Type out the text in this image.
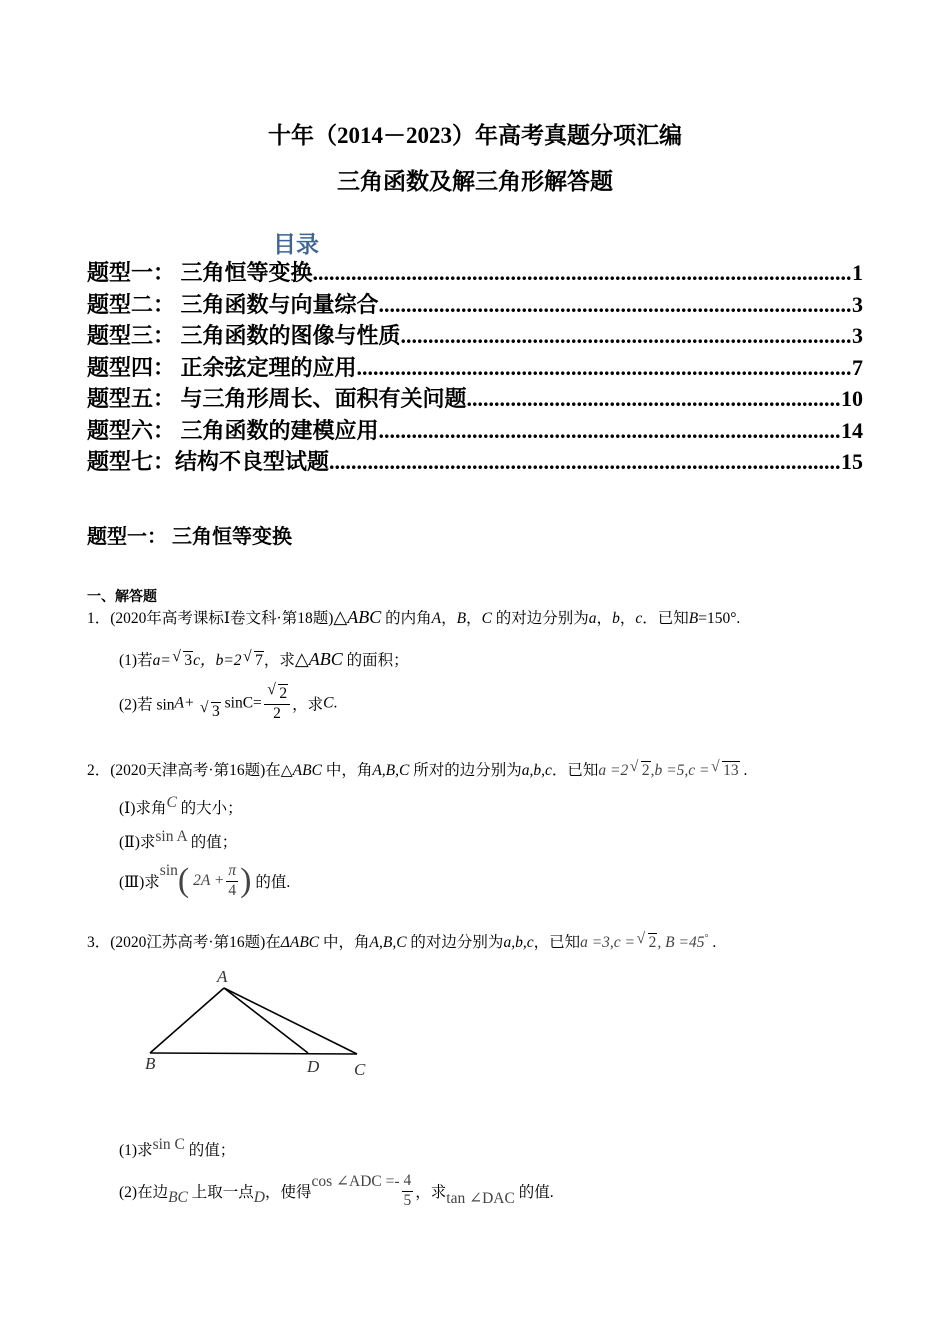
十年（2014－2023）年高考真题分项汇编
三角函数及解三角形解答题
目录
题型一： 三角恒等变换 .....	1
题型二： 三角函数与向量综合 .....	3
题型三： 三角函数的图像与性质 .....	3
题型四： 正余弦定理的应用 .....	7
题型五： 与三角形周长、面积有关问题 .....	10
题型六： 三角函数的建模应用 .....	14
题型七：结构不良型试题 .....	15
题型一： 三角恒等变换
一、解答题
1．(2020年高考课标Ⅰ卷文科·第18题)△ABC 的内角A，B，C 的对边分别为a，b，c．已知B=150°.
(1)若a= √ 3c，b=2 √ 7，求△ABC 的面积；
(2)若 sinA+ √ 3 sinC= √ $\frac{2}{2}$ ，求C.
2．(2020天津高考·第16题)在△ABC 中，角A,B,C 所对的边分别为a,b,c．已知a =2 √ 2,b =5,c = √ 13 .
(Ⅰ)求角C 的大小；
(Ⅱ)求sin A 的值；
(Ⅲ)求sin( $2A + \frac{\pi}{4}$ ) 的值.
3．(2020江苏高考·第16题)在ΔABC 中，角A,B,C 的对边分别为a,b,c，已知a =3,c = √ 2, B =45° .
A
B	D C
(1)求sin C 的值；
(2)在边BC 上取一点D，使得cos ∠ADC =- $\frac{4}{5}$ ，求tan ∠DAC 的值.
